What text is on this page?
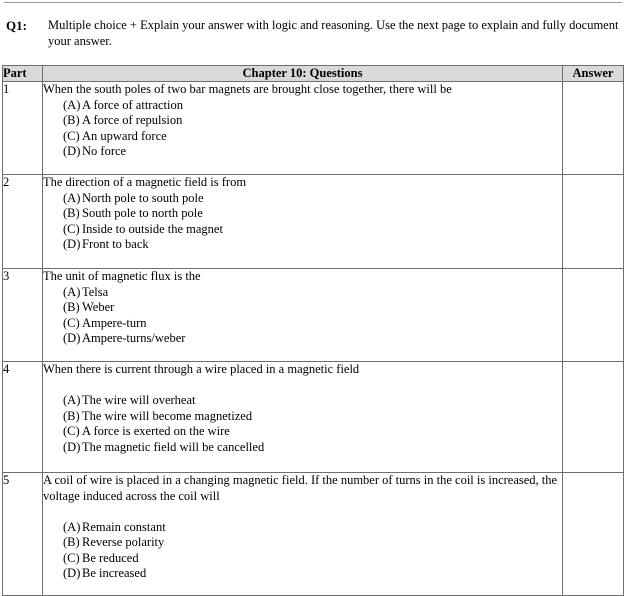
Q1: Multiple choice + Explain your answer with logic and reasoning. Use the next page to explain and fully document your answer.
Part	Chapter 10: Questions	Answer
1	When the south poles of two bar magnets are brought close together, there will be
(A) A force of attraction
(B) A force of repulsion
(C) An upward force
(D) No force	

2	The direction of a magnetic field is from
(A) North pole to south pole
(B) South pole to north pole
(C) Inside to outside the magnet
(D) Front to back	

3	The unit of magnetic flux is the
(A) Telsa
(B) Weber
(C) Ampere-turn
(D) Ampere-turns/weber	

4	When there is current through a wire placed in a magnetic field
(A) The wire will overheat
(B) The wire will become magnetized
(C) A force is exerted on the wire
(D) The magnetic field will be cancelled	

5	A coil of wire is placed in a changing magnetic field. If the number of turns in the coil is increased, the voltage induced across the coil will
(A) Remain constant
(B) Reverse polarity
(C) Be reduced
(D) Be increased	
